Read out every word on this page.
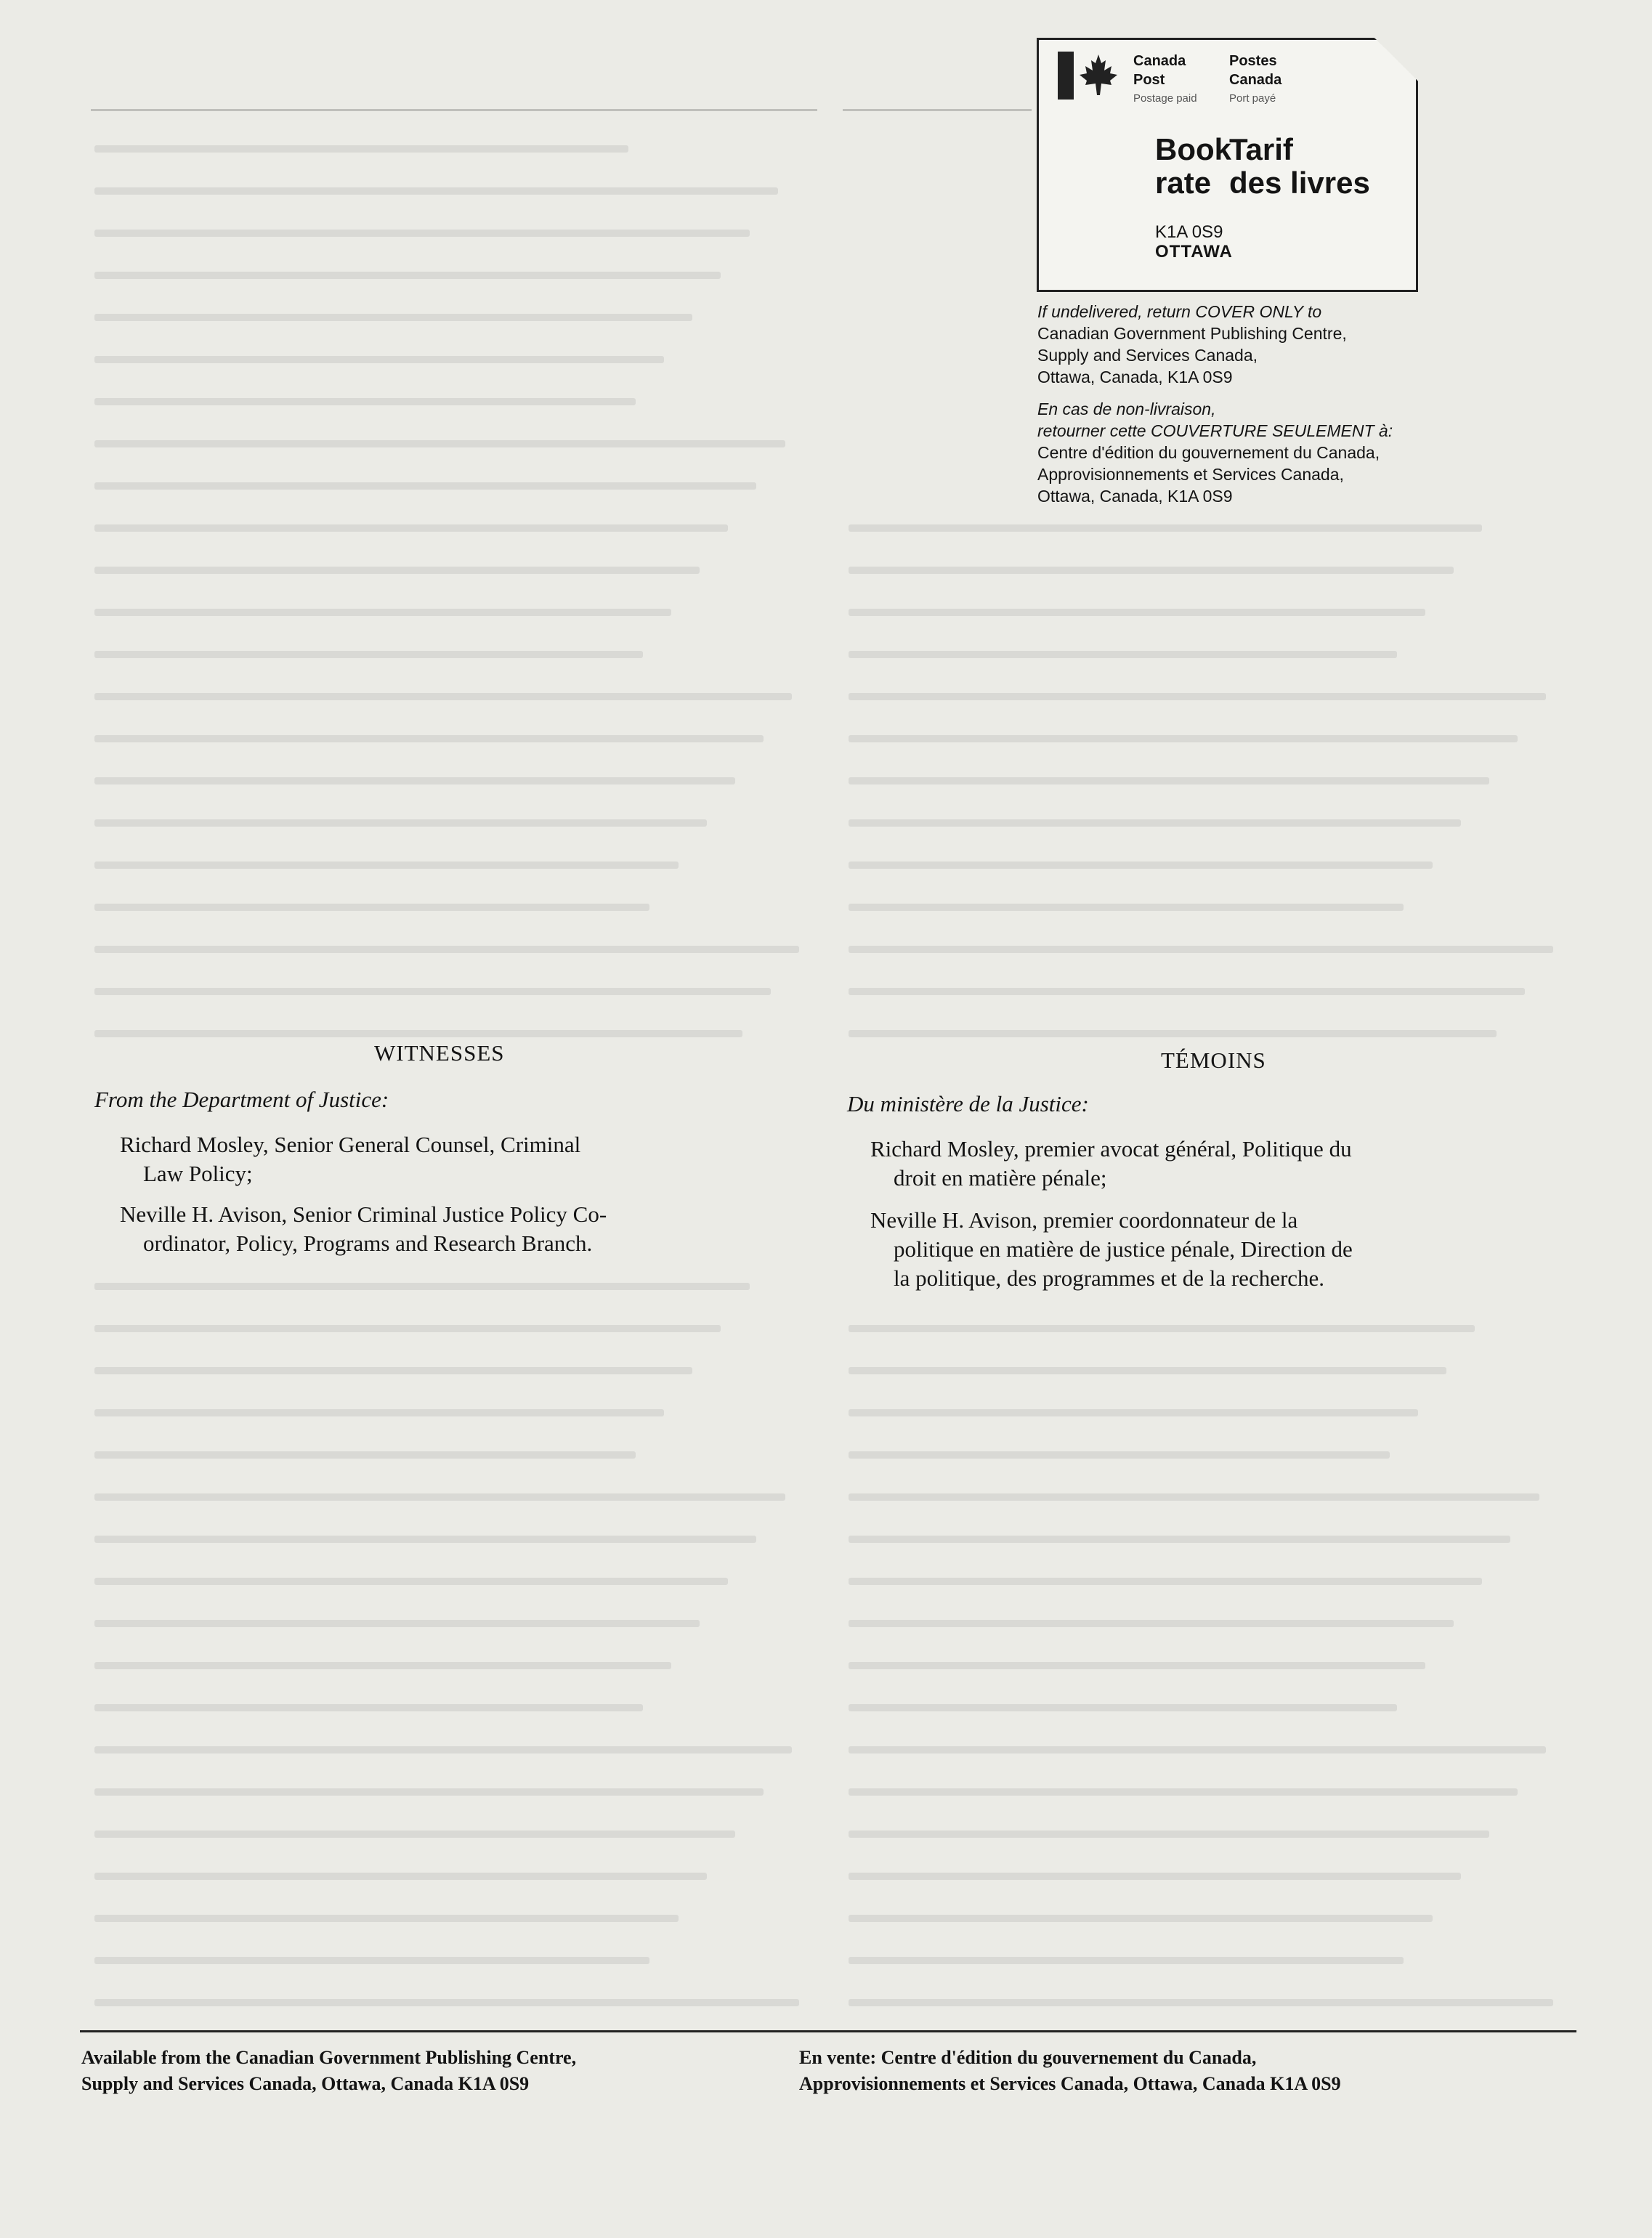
Canada
Post
Postage paid
Postes
Canada
Port payé
Book
rate
Tarif
des livres
K1A 0S9
OTTAWA
If undelivered, return COVER ONLY to
Canadian Government Publishing Centre,
Supply and Services Canada,
Ottawa, Canada, K1A 0S9
En cas de non-livraison,
retourner cette COUVERTURE SEULEMENT à:
Centre d'édition du gouvernement du Canada,
Approvisionnements et Services Canada,
Ottawa, Canada, K1A 0S9
WITNESSES
From the Department of Justice:
Richard Mosley, Senior General Counsel, Criminal
Law Policy;
Neville H. Avison, Senior Criminal Justice Policy Co-
ordinator, Policy, Programs and Research Branch.
TÉMOINS
Du ministère de la Justice:
Richard Mosley, premier avocat général, Politique du
droit en matière pénale;
Neville H. Avison, premier coordonnateur de la
politique en matière de justice pénale, Direction de
la politique, des programmes et de la recherche.
Available from the Canadian Government Publishing Centre,
Supply and Services Canada, Ottawa, Canada K1A 0S9
En vente: Centre d'édition du gouvernement du Canada,
Approvisionnements et Services Canada, Ottawa, Canada K1A 0S9
